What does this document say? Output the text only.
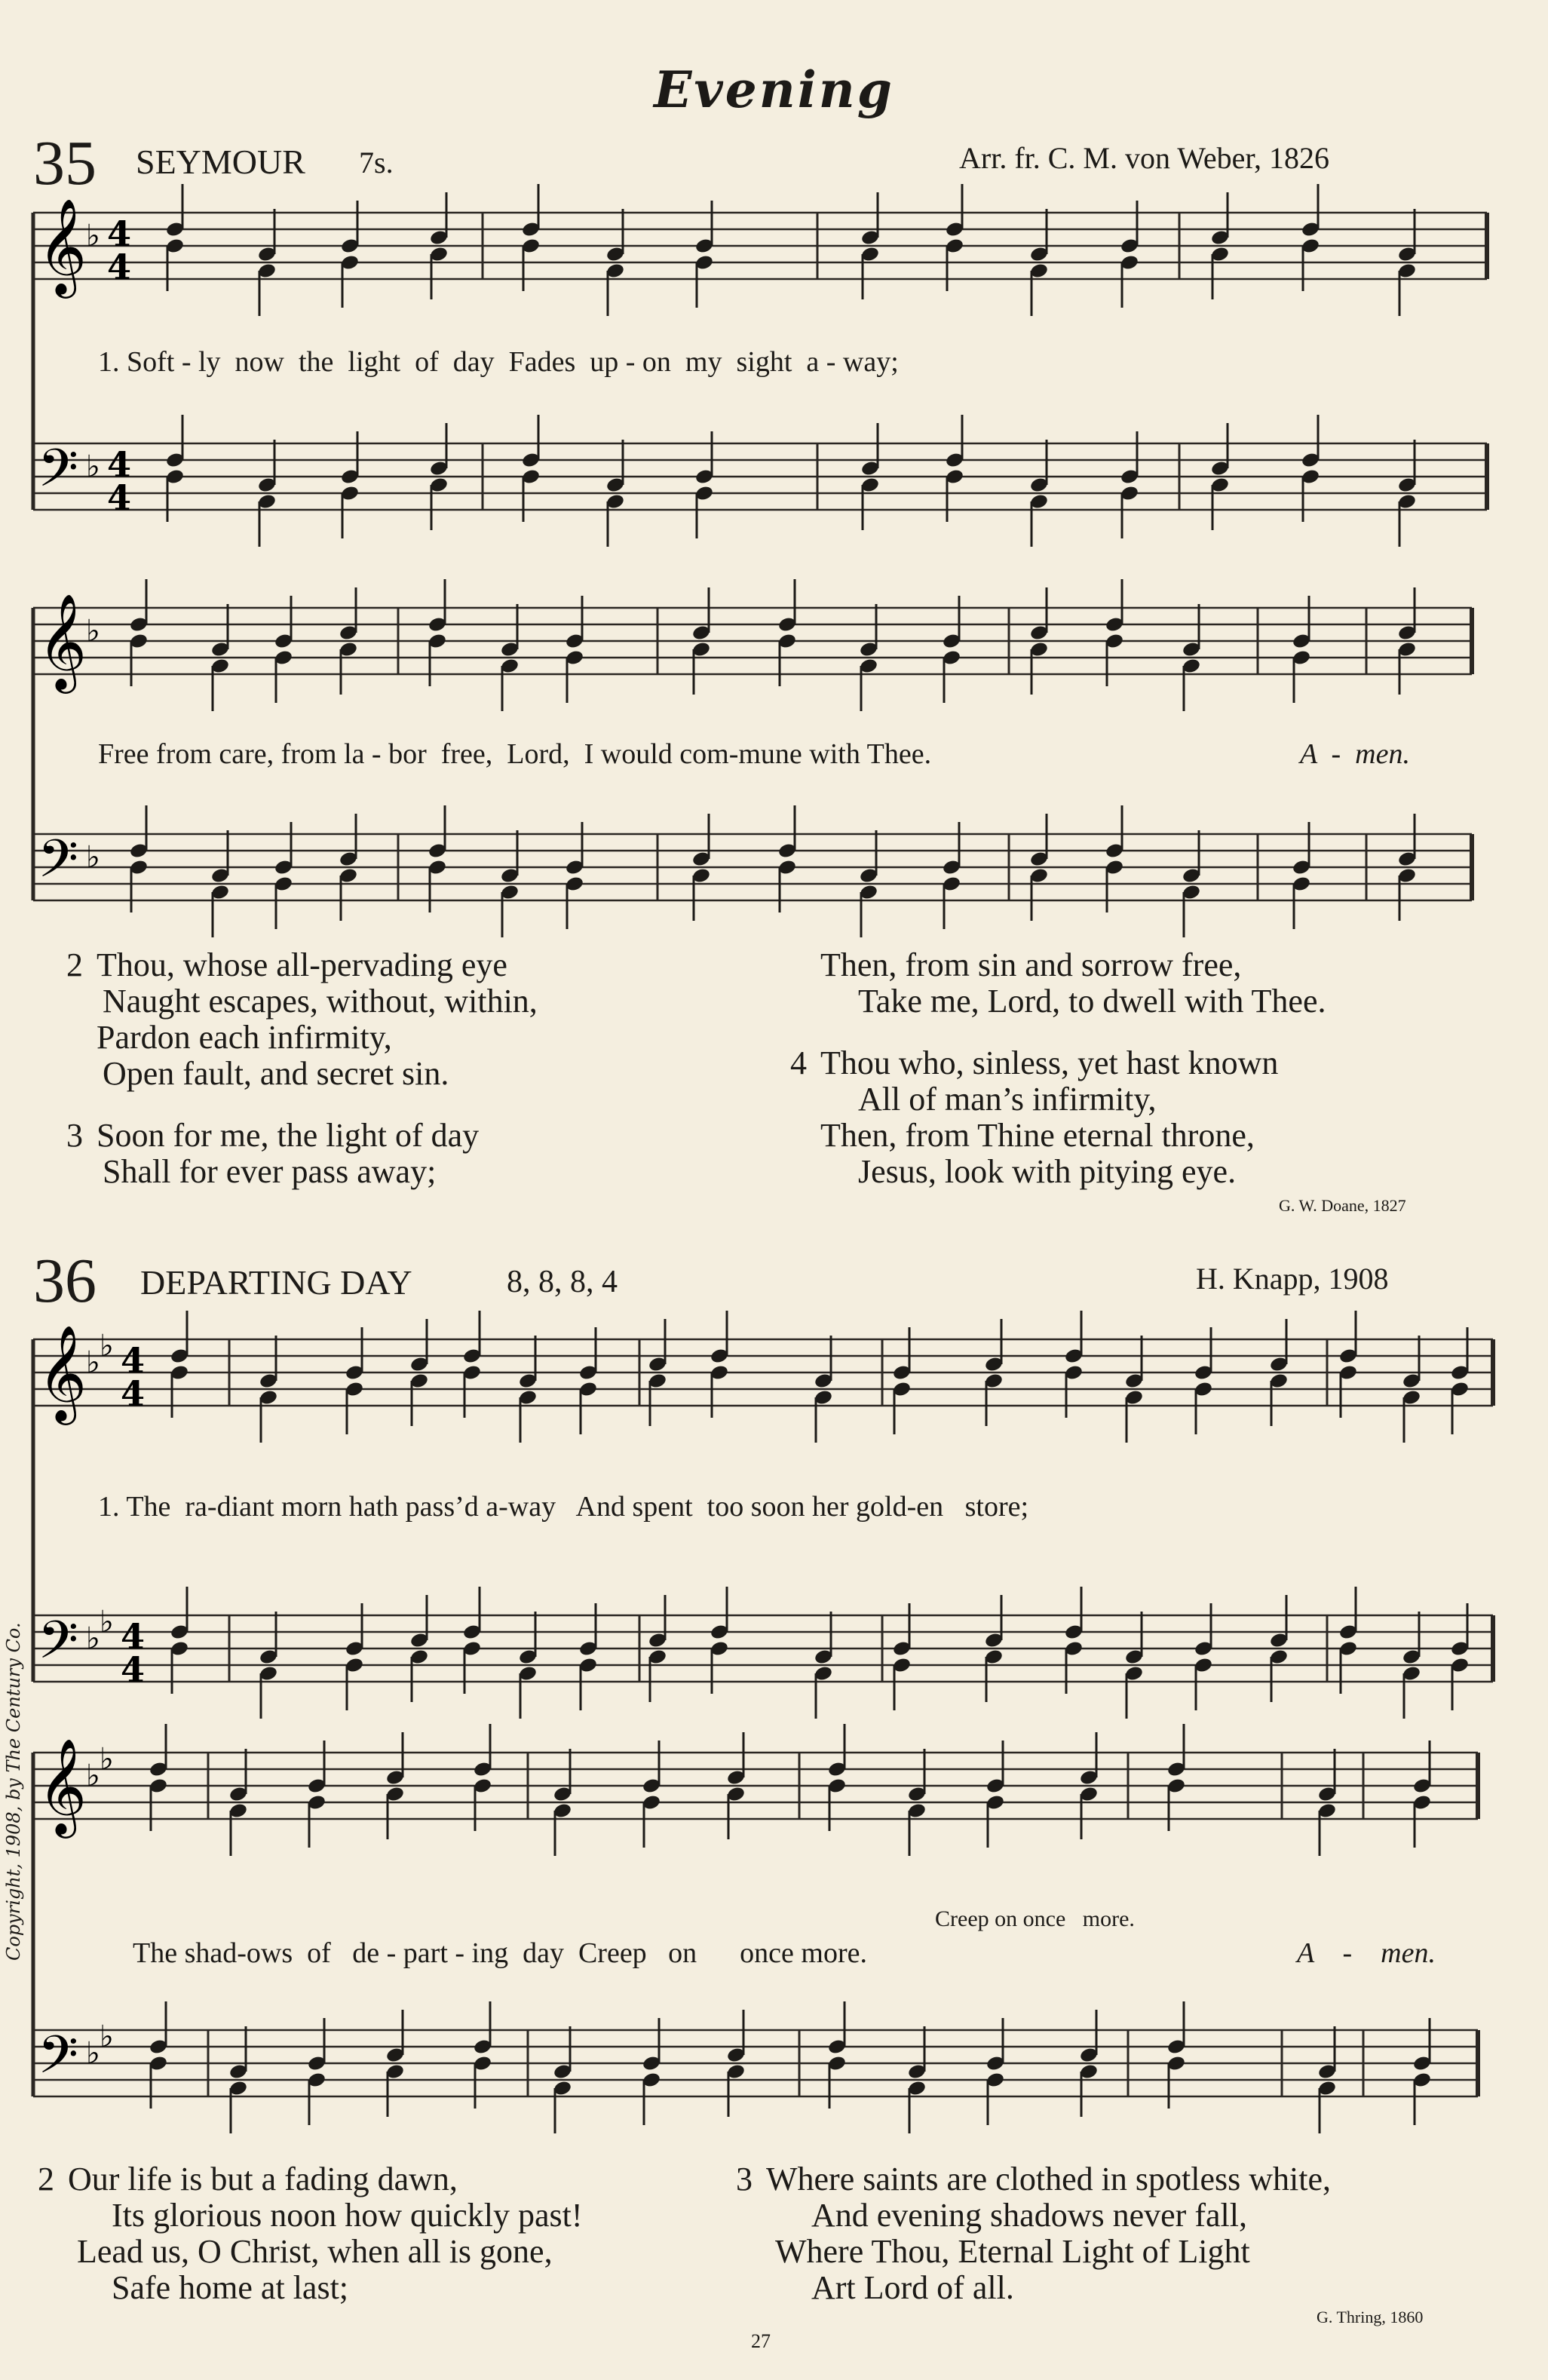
Evening
35 SEYMOUR 7s.	Arr. fr. C. M. von Weber, 1826
𝄞
♭ 4
4
𝄢 ♭ 4
4
𝄞
♭
𝄢 ♭
𝄞
♭ ♭ 4
4
𝄢 ♭ ♭ 4
4
𝄞
♭ ♭
𝄢 ♭ ♭
1. Soft - ly  now  the  light  of  day  Fades  up - on  my  sight  a - way;
Free from care, from la - bor  free,  Lord,  I would com-mune with Thee.	A  -  men.
2 Thou, whose all-pervading eye
Naught escapes, without, within,
Pardon each infirmity,
Open fault, and secret sin.
3 Soon for me, the light of day
Shall for ever pass away;
Then, from sin and sorrow free,
Take me, Lord, to dwell with Thee.
4 Thou who, sinless, yet hast known
All of man’s infirmity,
Then, from Thine eternal throne,
Jesus, look with pitying eye.
G. W. Doane, 1827
36 DEPARTING DAY	8, 8, 8, 4	H. Knapp, 1908
1. The  ra-diant morn hath pass’d a-way   And spent  too soon her gold-en   store;
Creep on once   more.
The shad-ows  of   de - part - ing  day  Creep   on      once more.	A    -    men.
2 Our life is but a fading dawn,
Its glorious noon how quickly past!
Lead us, O Christ, when all is gone,
Safe home at last;
3 Where saints are clothed in spotless white,
And evening shadows never fall,
Where Thou, Eternal Light of Light
Art Lord of all.
G. Thring, 1860
27
Copyright, 1908, by The Century Co.
